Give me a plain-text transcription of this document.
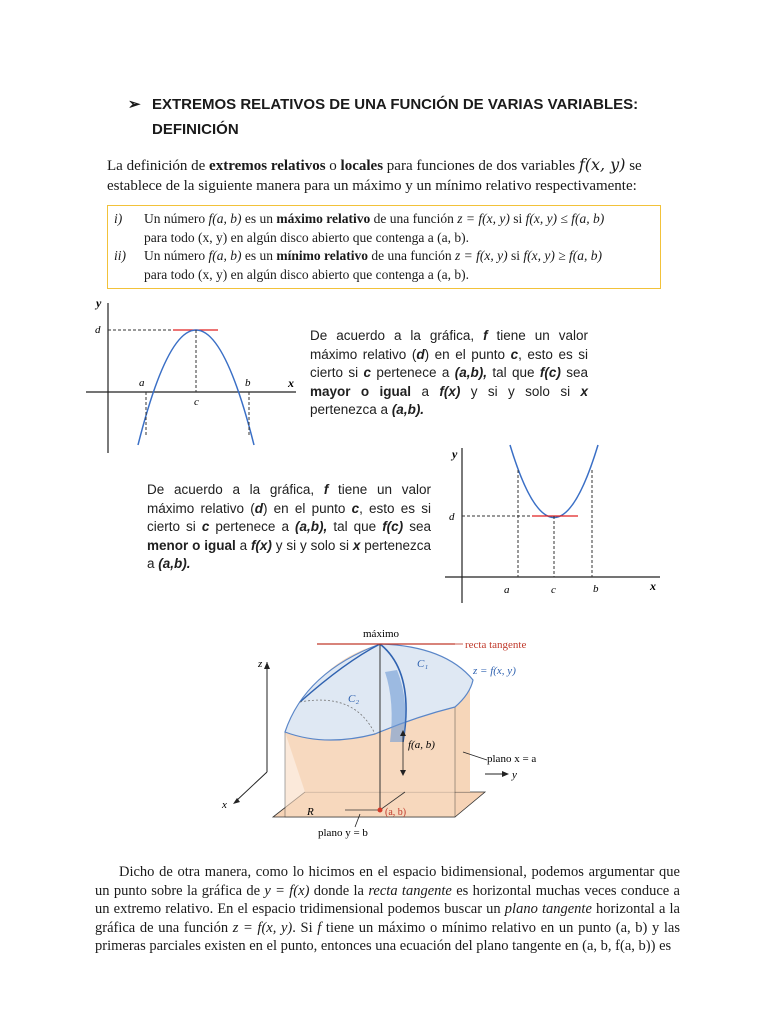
➢ EXTREMOS RELATIVOS DE UNA FUNCIÓN DE VARIAS VARIABLES:
DEFINICIÓN
La definición de extremos relativos o locales para funciones de dos variables f(x, y) se establece de la siguiente manera para un máximo y un mínimo relativo respectivamente:
i) Un número f(a, b) es un máximo relativo de una función z = f(x, y) si f(x, y) ≤ f(a, b)
para todo (x, y) en algún disco abierto que contenga a (a, b).
ii) Un número f(a, b) es un mínimo relativo de una función z = f(x, y) si f(x, y) ≥ f(a, b)
para todo (x, y) en algún disco abierto que contenga a (a, b).
y
x
d
a	b
c
De acuerdo a la gráfica, f tiene un valor máximo relativo (d) en el punto c, esto es si cierto si c pertenece a (a,b), tal que f(c) sea mayor o igual a f(x) y si y solo si x pertenezca a (a,b).
De acuerdo a la gráfica, f tiene un valor máximo relativo (d) en el punto c, esto es si cierto si c pertenece a (a,b), tal que f(c) sea menor o igual a f(x) y si y solo si x pertenezca a (a,b).
y
x
d
a	c	b
máximo
recta tangente
z = f(x, y)
C₁
C₂
z
x
y
f(a, b)
plano x = a
plano y = b
R	(a, b)
Dicho de otra manera, como lo hicimos en el espacio bidimensional, podemos argumentar que un punto sobre la gráfica de y = f(x) donde la recta tangente es horizontal muchas veces conduce a un extremo relativo. En el espacio tridimensional podemos buscar un plano tangente horizontal a la gráfica de una función z = f(x, y). Si f tiene un máximo o mínimo relativo en un punto (a, b) y las primeras parciales existen en el punto, entonces una ecuación del plano tangente en (a, b, f(a, b)) es
